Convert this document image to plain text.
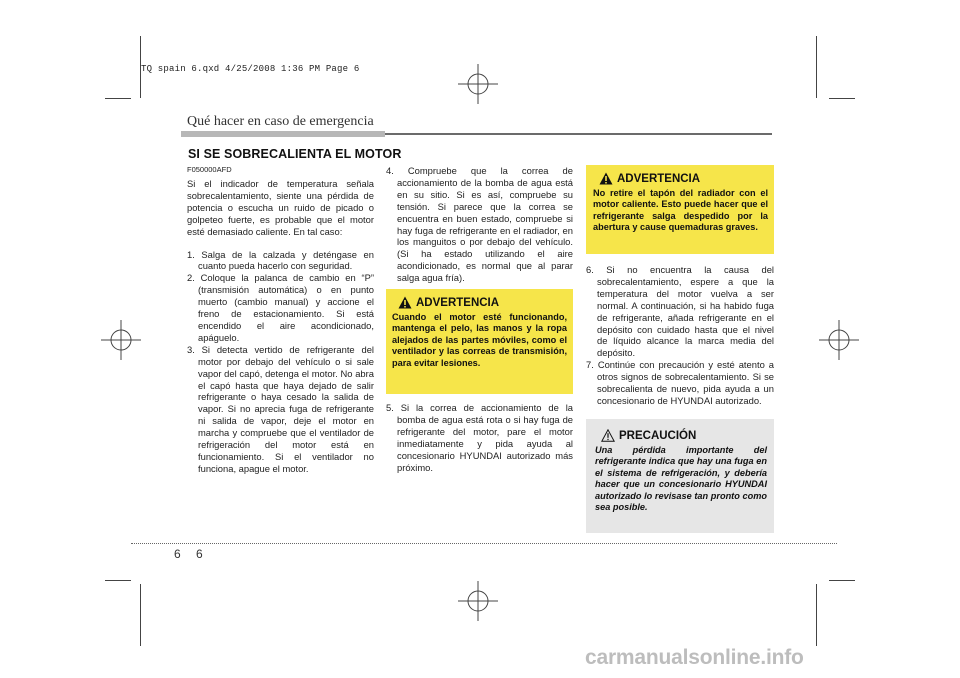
TQ spain 6.qxd 4/25/2008 1:36 PM Page 6
Qué hacer en caso de emergencia
SI SE SOBRECALIENTA EL MOTOR
F050000AFD
Si el indicador de temperatura señala sobrecalentamiento, siente una pérdida de potencia o escucha un ruido de picado o golpeteo fuerte, es probable que el motor esté demasiado caliente. En tal caso:
1. Salga de la calzada y deténgase en cuanto pueda hacerlo con seguridad.
2. Coloque la palanca de cambio en “P” (transmisión automática) o en punto muerto (cambio manual) y accione el freno de estacionamiento. Si está encendido el aire acondicionado, apáguelo.
3. Si detecta vertido de refrigerante del motor por debajo del vehículo o si sale vapor del capó, detenga el motor. No abra el capó hasta que haya dejado de salir refrigerante o haya cesado la salida de vapor. Si no aprecia fuga de refrigerante ni salida de vapor, deje el motor en marcha y compruebe que el ventilador de refrigeración del motor está en funcionamiento. Si el ventilador no funciona, apague el motor.
4. Compruebe que la correa de accionamiento de la bomba de agua está en su sitio. Si es así, compruebe su tensión. Si parece que la correa se encuentra en buen estado, compruebe si hay fuga de refrigerante en el radiador, en los manguitos o por debajo del vehículo. (Si ha estado utilizando el aire acondicionado, es normal que al parar salga agua fría).
ADVERTENCIA
Cuando el motor esté funcionando, mantenga el pelo, las manos y la ropa alejados de las partes móviles, como el ventilador y las correas de transmisión, para evitar lesiones.
5. Si la correa de accionamiento de la bomba de agua está rota o si hay fuga de refrigerante del motor, pare el motor inmediatamente y pida ayuda al concesionario HYUNDAI autorizado más próximo.
ADVERTENCIA
No retire el tapón del radiador con el motor caliente. Esto puede hacer que el refrigerante salga despedido por la abertura y cause quemaduras graves.
6. Si no encuentra la causa del sobrecalentamiento, espere a que la temperatura del motor vuelva a ser normal. A continuación, si ha habido fuga de refrigerante, añada refrigerante en el depósito con cuidado hasta que el nivel de líquido alcance la marca media del depósito.
7. Continúe con precaución y esté atento a otros signos de sobrecalentamiento. Si se sobrecalienta de nuevo, pida ayuda a un concesionario de HYUNDAI autorizado.
PRECAUCIÓN
Una pérdida importante del refrigerante indica que hay una fuga en el sistema de refrigeración, y debería hacer que un concesionario HYUNDAI autorizado lo revisase tan pronto como sea posible.
6 6
carmanualsonline.info
